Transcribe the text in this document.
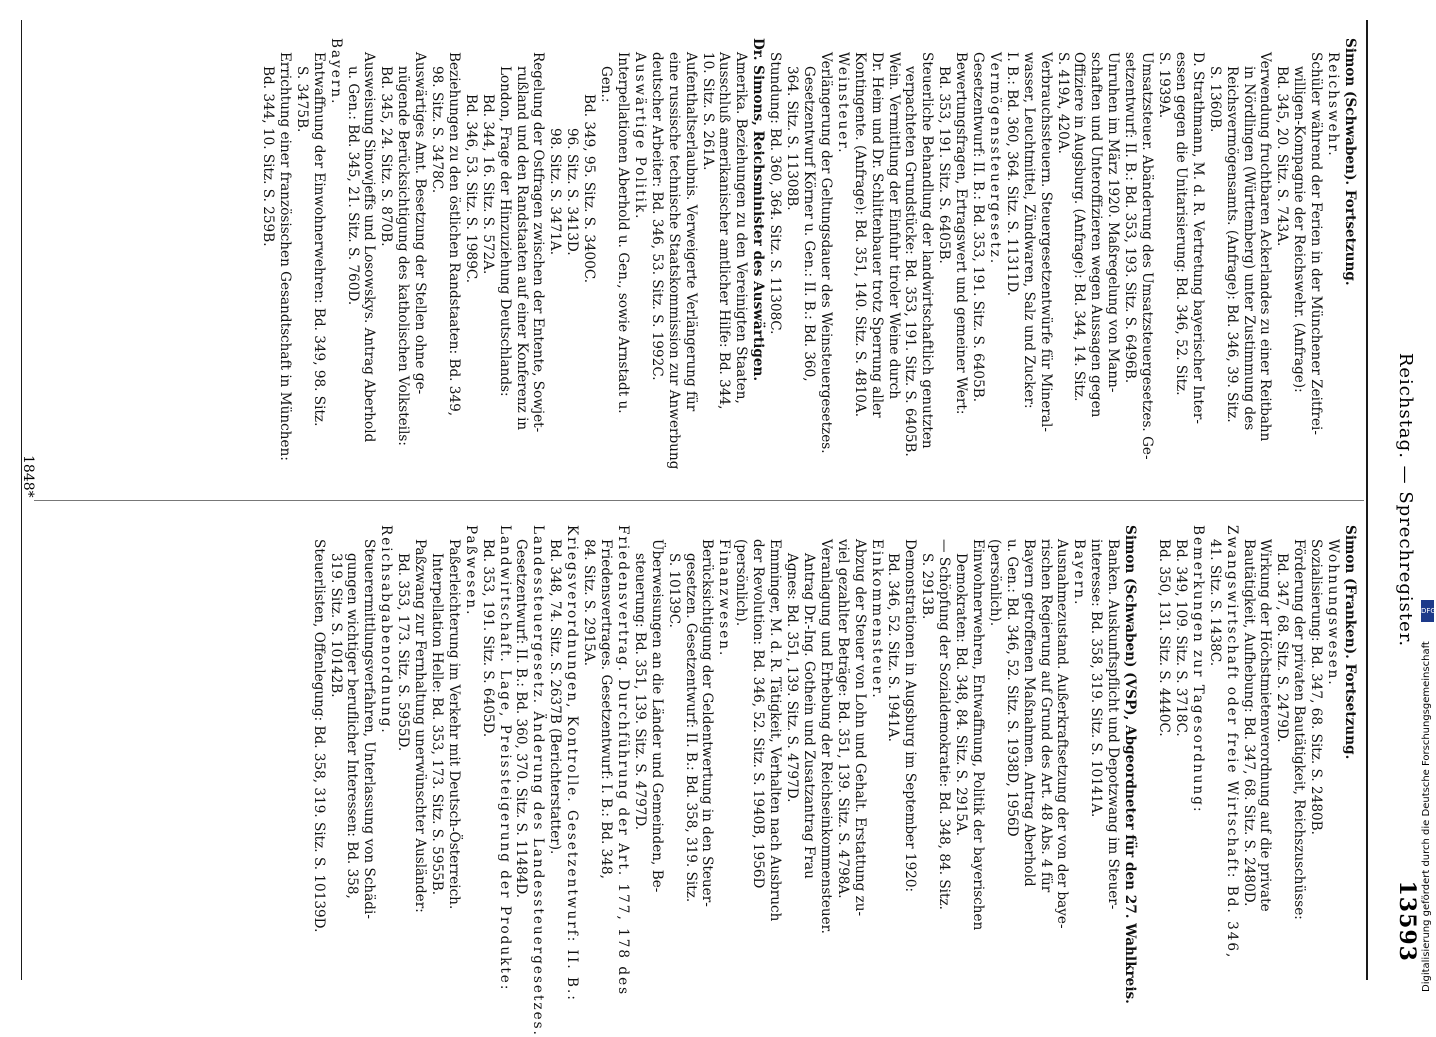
Reichstag. — Sprechregister.
13593
Simon (Franken). Fortsetzung.
Wohnungswesen.
Sozialisierung: Bd. 347, 68. Sitz. S. 2480B.
Förderung der privaten Bautätigkeit, Reichszuschüsse:
Bd. 347, 68. Sitz. S. 2479D.
Wirkung der Höchstmietenverordnung auf die private
Bautätigkeit, Aufhebung: Bd. 347, 68. Sitz. S. 2480D.
Zwangswirtschaft oder freie Wirtschaft: Bd. 346,
41. Sitz. S. 1438C.
Bemerkungen zur Tagesordnung:
Bd. 349, 109. Sitz. S. 3718C.
Bd. 350, 131. Sitz. S. 4440C.
Simon (Schwaben) (VSP), Abgeordneter für den 27. Wahlkreis.
Banken. Auskunftspflicht und Depotzwang im Steuer-
interesse: Bd. 358, 319. Sitz. S. 10141A.
Bayern.
Ausnahmezustand. Außerkraftsetzung der von der baye-
rischen Regierung auf Grund des Art. 48 Abs. 4 für
Bayern getroffenen Maßnahmen. Antrag Aberhold
u. Gen.: Bd. 346, 52. Sitz. S. 1938D, 1956D
(persönlich).
Einwohnerwehren, Entwaffnung, Politik der bayerischen
Demokraten: Bd. 348, 84. Sitz. S. 2915A.
— Schöpfung der Sozialdemokratie: Bd. 348, 84. Sitz.
S. 2913B.
Demonstrationen in Augsburg im September 1920:
Bd. 346, 52. Sitz. S. 1941A.
Einkommensteuer.
Abzug der Steuer von Lohn und Gehalt. Erstattung zu-
viel gezahlter Beträge: Bd. 351, 139. Sitz. S. 4798A.
Veranlagung und Erhebung der Reichseinkommensteuer.
Antrag Dr.-Ing. Gothein und Zusatzantrag Frau
Agnes: Bd. 351, 139. Sitz. S. 4797D.
Emminger, M. d. R. Tätigkeit, Verhalten nach Ausbruch
der Revolution: Bd. 346, 52. Sitz. S. 1940B, 1956D
(persönlich).
Finanzwesen.
Berücksichtigung der Geldentwertung in den Steuer-
gesetzen. Gesetzentwurf: II. B.: Bd. 358, 319. Sitz.
S. 10139C.
Überweisungen an die Länder und Gemeinden, Be-
steuerung: Bd. 351, 139. Sitz. S. 4797D.
Friedensvertrag. Durchführung der Art. 177, 178 des
Friedensvertrages. Gesetzentwurf: I. B.: Bd. 348,
84. Sitz. S. 2915A.
Kriegsverordnungen, Kontrolle. Gesetzentwurf: II. B.:
Bd. 348, 74. Sitz. S. 2637B (Berichterstatter).
Landessteuergesetz. Änderung des Landessteuergesetzes.
Gesetzentwurf: II. B.: Bd. 360, 370. Sitz. S. 11484D.
Landwirtschaft. Lage, Preissteigerung der Produkte:
Bd. 353, 191. Sitz. S. 6405D.
Paßwesen.
Paßerleichterung im Verkehr mit Deutsch-Österreich.
Interpellation Helle: Bd. 353, 173. Sitz. S. 5955B.
Paßzwang zur Fernhaltung unerwünschter Ausländer:
Bd. 353, 173. Sitz. S. 5955D.
Reichsabgabenordnung.
Steuerermittlungsverfahren, Unterlassung von Schädi-
gungen wichtiger beruflicher Interessen: Bd. 358,
319. Sitz. S. 10142B.
Steuerlisten, Offenlegung: Bd. 358, 319. Sitz. S. 10139D.
Simon (Schwaben). Fortsetzung.
Reichswehr.
Schüler während der Ferien in der Münchener Zeitfrei-
willigen-Kompagnie der Reichswehr. (Anfrage):
Bd. 345, 20. Sitz. S. 743A.
Verwendung fruchtbaren Ackerlandes zu einer Reitbahn
in Nördlingen (Württemberg) unter Zustimmung des
Reichsvermögensamts. (Anfrage): Bd. 346, 39. Sitz.
S. 1360B.
D. Strathmann, M. d. R. Vertretung bayerischer Inter-
essen gegen die Unitarisierung: Bd. 346, 52. Sitz.
S. 1939A.
Umsatzsteuer. Abänderung des Umsatzsteuergesetzes. Ge-
setzentwurf: II. B.: Bd. 353, 193. Sitz. S. 6496B.
Unruhen im März 1920. Maßregelung von Mann-
schaften und Unteroffizieren wegen Aussagen gegen
Offiziere in Augsburg. (Anfrage): Bd. 344, 14. Sitz.
S. 419A, 420A.
Verbrauchssteuern. Steuergesetzentwürfe für Mineral-
wasser, Leuchtmittel, Zündwaren, Salz und Zucker:
I. B.: Bd. 360, 364. Sitz. S. 11311D.
Vermögenssteuergesetz.
Gesetzentwurf: II. B.: Bd. 353, 191. Sitz. S. 6405B.
Bewertungsfragen, Ertragswert und gemeiner Wert:
Bd. 353, 191. Sitz. S. 6405B.
Steuerliche Behandlung der landwirtschaftlich genutzten
verpachteten Grundstücke: Bd. 353, 191. Sitz. S. 6405B.
Wein. Vermittlung der Einfuhr tiroler Weine durch
Dr. Heim und Dr. Schlittenbauer trotz Sperrung aller
Kontingente. (Anfrage): Bd. 351, 140. Sitz. S. 4810A.
Weinsteuer.
Verlängerung der Geltungsdauer des Weinsteuergesetzes.
Gesetzentwurf Körner u. Gen.: II. B.: Bd. 360,
364. Sitz. S. 11308B.
Stundung: Bd. 360, 364. Sitz. S. 11308C.
Dr. Simons, Reichsminister des Auswärtigen.
Amerika. Beziehungen zu den Vereinigten Staaten,
Ausschluß amerikanischer amtlicher Hilfe: Bd. 344,
10. Sitz. S. 261A.
Aufenthaltserlaubnis. Verweigerte Verlängerung für
eine russische technische Staatskommission zur Anwerbung
deutscher Arbeiter: Bd. 346, 53. Sitz. S. 1992C.
Auswärtige Politik.
Interpellationen Aberhold u. Gen., sowie Arnstadt u.
Gen.:
Bd. 349, 95. Sitz. S. 3400C.
96. Sitz. S. 3413D.
98. Sitz. S. 3471A.
Regelung der Ostfragen zwischen der Entente, Sowjet-
rußland und den Randstaaten auf einer Konferenz in
London, Frage der Hinzuziehung Deutschlands:
Bd. 344, 16. Sitz. S. 572A.
Bd. 346, 53. Sitz. S. 1989C.
Beziehungen zu den östlichen Randstaaten: Bd. 349,
98. Sitz. S. 3478C.
Auswärtiges Amt. Besetzung der Stellen ohne ge-
nügende Berücksichtigung des katholischen Volksteils:
Bd. 345, 24. Sitz. S. 870B.
Ausweisung Sinowjeffs und Losowskys. Antrag Aberhold
u. Gen.: Bd. 345, 21. Sitz. S. 760D.
Bayern.
Entwaffnung der Einwohnerwehren: Bd. 349, 98. Sitz.
S. 3475B.
Errichtung einer französischen Gesandtschaft in München:
Bd. 344, 10. Sitz. S. 259B.
1848*
DFG
Digitalisierung gefördert durch die Deutsche Forschungsgemeinschaft
